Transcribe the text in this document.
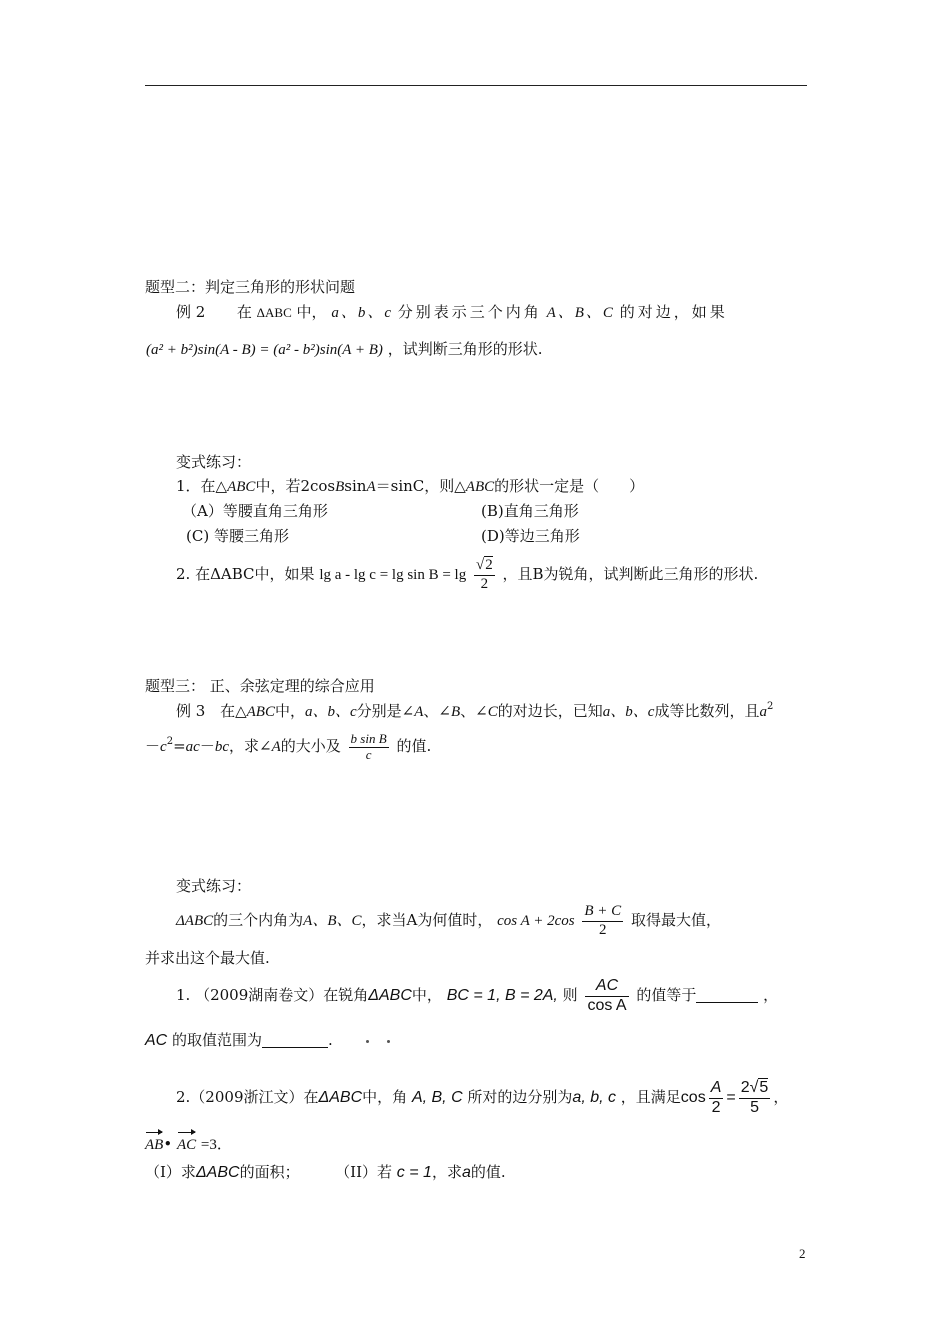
题型二：判定三角形的形状问题
例 2 在 ΔABC 中， a、b、c 分别表示三个内角 A、B、C 的对边，如果
(a² + b²)sin(A - B) = (a² - b²)sin(A + B) ，试判断三角形的形状.
变式练习：
1．在△ABC中，若2cosBsinA＝sinC，则△ABC的形状一定是（　　）
（A）等腰直角三角形	(B)直角三角形
(C) 等腰三角形	(D)等边三角形
2. 在ΔABC中，如果 $\lg a - \lg c = \lg \sin B = \lg \frac{√2}{2}$ ，且B为锐角，试判断此三角形的形状.
题型三： 正、余弦定理的综合应用
例 3 在△ABC中，a、b、c分别是∠A、∠B、∠C的对边长，已知a、b、c成等比数列，且$a^2$
$-c^2=ac-bc$，求∠A的大小及 $\frac{\text{b sin B}}{c}$ 的值.
变式练习：
ΔABC的三个内角为A、B、C，求当A为何值时， $\cos A + 2\cos \frac{B + C}{2}$ 取得最大值，
并求出这个最大值.
1. （2009湖南卷文）在锐角ΔABC中， BC = 1, B = 2A, 则 $\frac{AC}{\text{cos A}}$ 的值等于	，
AC 的取值范围为	.
2.（2009浙江文）在ΔABC中，角 A, B, C 所对的边分别为a, b, c ，且满足$\cos \frac{A}{2} = \frac{2√5}{5}$ ，
AB• AC =3．
（I）求ΔABC的面积； （II）若 c = 1，求a的值.
2
